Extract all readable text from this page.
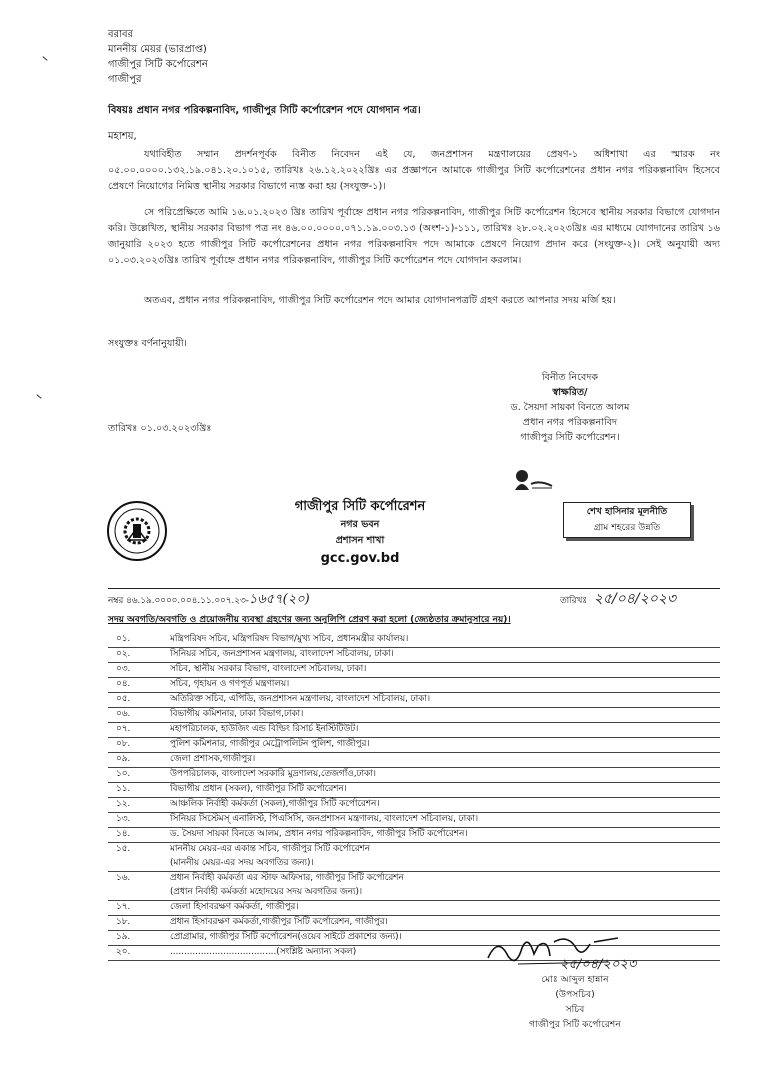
বরাবর
মাননীয় মেয়র (ভারপ্রাপ্ত)
গাজীপুর সিটি কর্পোরেশন
গাজীপুর
বিষয়ঃ প্রধান নগর পরিকল্পনাবিদ, গাজীপুর সিটি কর্পোরেশন পদে যোগদান পত্র।
মহাশয়,
যথাবিহীত সম্মান প্রদর্শনপূর্বক বিনীত নিবেদন এই যে, জনপ্রশাসন মন্ত্রণালয়ের প্রেষণ-১ অধিশাখা এর স্মারক নং ০৫.০০.০০০০.১৩২.১৯.০৪১.২০.১০১৫, তারিখঃ ২৬.১২.২০২২খ্রিঃ এর প্রজ্ঞাপনে আমাকে গাজীপুর সিটি কর্পোরেশনের প্রধান নগর পরিকল্পনাবিদ হিসেবে প্রেষণে নিয়োগের নিমিত্ত স্থানীয় সরকার বিভাগে ন্যস্ত করা হয় (সংযুক্ত-১)।
সে পরিপ্রেক্ষিতে আমি ১৬.০১.২০২৩ খ্রিঃ তারিখ পূর্বাহ্নে প্রধান নগর পরিকল্পনাবিদ, গাজীপুর সিটি কর্পোরেশন হিসেবে স্থানীয় সরকার বিভাগে যোগদান করি। উল্লেখিত, স্থানীয় সরকার বিভাগ পত্র নং ৪৬.০০.০০০০.০৭১.১৯.০০৩.১৩ (অংশ-১)-১১১, তারিখঃ ২৮.০২.২০২৩খ্রিঃ এর মাধ্যমে যোগদানের তারিখ ১৬ জানুয়ারি ২০২৩ হতে গাজীপুর সিটি কর্পোরেশনের প্রধান নগর পরিকল্পনাবিদ পদে আমাকে প্রেষণে নিয়োগ প্রদান করে (সংযুক্ত-২)। সেই অনুযায়ী অদ্য ০১.০৩.২০২৩খ্রিঃ তারিখ পূর্বাহ্নে প্রধান নগর পরিকল্পনাবিদ, গাজীপুর সিটি কর্পোরেশন পদে যোগদান করলাম।
অতএব, প্রধান নগর পরিকল্পনাবিদ, গাজীপুর সিটি কর্পোরেশন পদে আমার যোগদানপত্রটি গ্রহণ করতে আপনার সদয় মর্জি হয়।
সংযুক্তঃ বর্ণনানুযায়ী।
বিনীত নিবেদক
স্বাক্ষরিত/
ড. সৈয়দা সায়কা বিনতে আলম
প্রধান নগর পরিকল্পনাবিদ
গাজীপুর সিটি কর্পোরেশন।
তারিখঃ ০১.০৩.২০২৩খ্রিঃ
গাজীপুর সিটি কর্পোরেশন
নগর ভবন
প্রশাসন শাখা
gcc.gov.bd
শেখ হাসিনার মূলনীতি
গ্রাম শহরের উন্নতি
নম্বর ৪৬.১৯.০০০০.০০৪.১১.০০৭.২৩-১৬৫৭(২০)	তারিখঃ ২৫/০৪/২০২৩
সদয় অবগতি/অবগতি ও প্রয়োজনীয় ব্যবস্থা গ্রহণের জন্য অনুলিপি প্রেরণ করা হলো (জ্যেষ্ঠতার ক্রমানুসারে নয়)।
০১.	মন্ত্রিপরিষদ সচিব, মন্ত্রিপরিষদ বিভাগ/মুখ্য সচিব, প্রধানমন্ত্রীর কার্যালয়।
০২.	সিনিয়র সচিব, জনপ্রশাসন মন্ত্রণালয়, বাংলাদেশ সচিবালয়, ঢাকা।
০৩.	সচিব, স্থানীয় সরকার বিভাগ, বাংলাদেশ সচিবালয়, ঢাকা।
০৪.	সচিব, গৃহায়ন ও গণপূর্ত মন্ত্রণালয়।
০৫.	অতিরিক্ত সচিব, এপিডি, জনপ্রশাসন মন্ত্রণালয়, বাংলাদেশ সচিবালয়, ঢাকা।
০৬.	বিভাগীয় কমিশনার, ঢাকা বিভাগ,ঢাকা।
০৭.	মহাপরিচালক, হাউজিং এন্ড বিল্ডিং রিসার্চ ইনস্টিটিউট।
০৮.	পুলিশ কমিশনার, গাজীপুর মেট্রোপলিটন পুলিশ, গাজীপুর।
০৯.	জেলা প্রশাসক,গাজীপুর।
১০.	উপপরিচালক, বাংলাদেশ সরকারি মুদ্রণালয়,তেজগাঁও,ঢাকা।
১১.	বিভাগীয় প্রধান (সকল), গাজীপুর সিটি কর্পোরেশন।
১২.	আঞ্চলিক নির্বাহী কর্মকর্তা (সকল),গাজীপুর সিটি কর্পোরেশন।
১৩.	সিনিয়র সিস্টেমস্ এনালিস্ট, পিএসিসি, জনপ্রশাসন মন্ত্রণালয়, বাংলাদেশ সচিবালয়, ঢাকা।
১৪.	ড. সৈয়দা সায়কা বিনতে আলম, প্রধান নগর পরিকল্পনাবিদ, গাজীপুর সিটি কর্পোরেশন।
১৫.	মাননীয় মেয়র-এর একান্ত সচিব, গাজীপুর সিটি কর্পোরেশন
(মাননীয় মেয়র-এর সদয় অবগতির জন্য)।
১৬.	প্রধান নির্বাহী কর্মকর্তা এর স্টাফ অফিসার, গাজীপুর সিটি কর্পোরেশন
(প্রধান নির্বাহী কর্মকর্তা মহোদয়ের সদয় অবগতির জন্য)।
১৭.	জেলা হিসাবরক্ষণ কর্মকর্তা, গাজীপুর।
১৮.	প্রধান হিসাবরক্ষণ কর্মকর্তা,গাজীপুর সিটি কর্পোরেশন, গাজীপুর।
১৯.	প্রোগ্রামার, গাজীপুর সিটি কর্পোরেশন(ওয়েব সাইটে প্রকাশের জন্য)।
২০.	......................................(সংশ্লিষ্ট অন্যান্য সকল)
২৫/০৪/২০২৩
মোঃ আব্দুল হান্নান
(উপসচিব)
সচিব
গাজীপুর সিটি কর্পোরেশন
